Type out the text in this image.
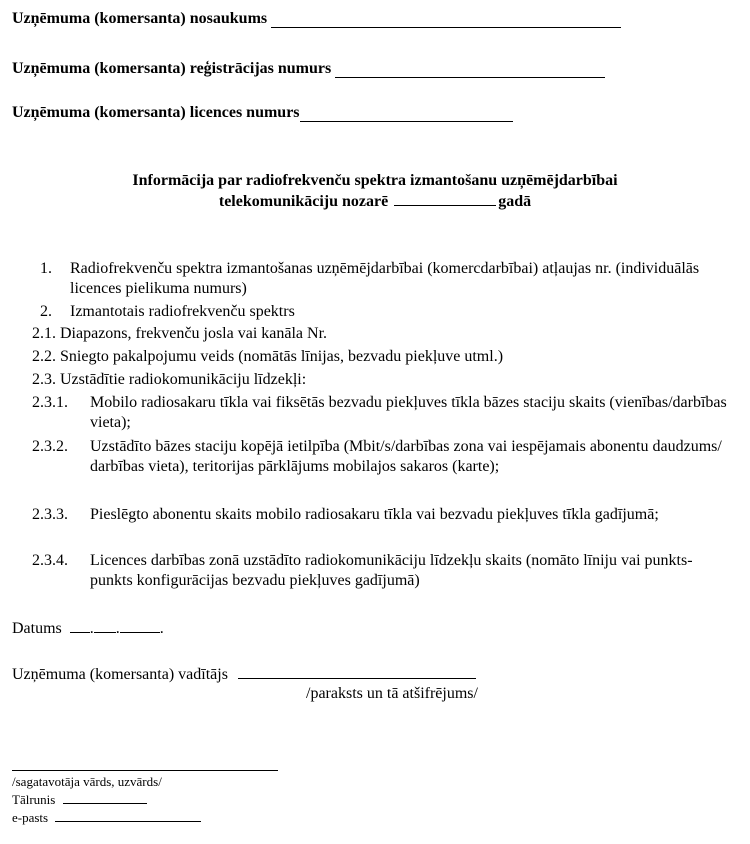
Uzņēmuma (komersanta) nosaukums
Uzņēmuma (komersanta) reģistrācijas numurs
Uzņēmuma (komersanta) licences numurs
Informācija par radiofrekvenču spektra izmantošanu uzņēmējdarbībai
telekomunikāciju nozarē	gadā
1. Radiofrekvenču spektra izmantošanas uzņēmējdarbībai (komercdarbībai) atļaujas nr. (individuālās licences pielikuma numurs)
2. Izmantotais radiofrekvenču spektrs
2.1. Diapazons, frekvenču josla vai kanāla Nr.
2.2. Sniegto pakalpojumu veids (nomātās līnijas, bezvadu piekļuve utml.)
2.3. Uzstādītie radiokomunikāciju līdzekļi:
2.3.1. Mobilo radiosakaru tīkla vai fiksētās bezvadu piekļuves tīkla bāzes staciju skaits (vienības/darbības vieta);
2.3.2. Uzstādīto bāzes staciju kopējā ietilpība (Mbit/s/darbības zona vai iespējamais abonentu daudzums/ darbības vieta), teritorijas pārklājums mobilajos sakaros (karte);
2.3.3. Pieslēgto abonentu skaits mobilo radiosakaru tīkla vai bezvadu piekļuves tīkla gadījumā;
2.3.4. Licences darbības zonā uzstādīto radiokomunikāciju līdzekļu skaits (nomāto līniju vai punkts-punkts konfigurācijas bezvadu piekļuves gadījumā)
Datums . .	.
Uzņēmuma (komersanta) vadītājs
/paraksts un tā atšifrējums/
/sagatavotāja vārds, uzvārds/
Tālrunis
e-pasts
